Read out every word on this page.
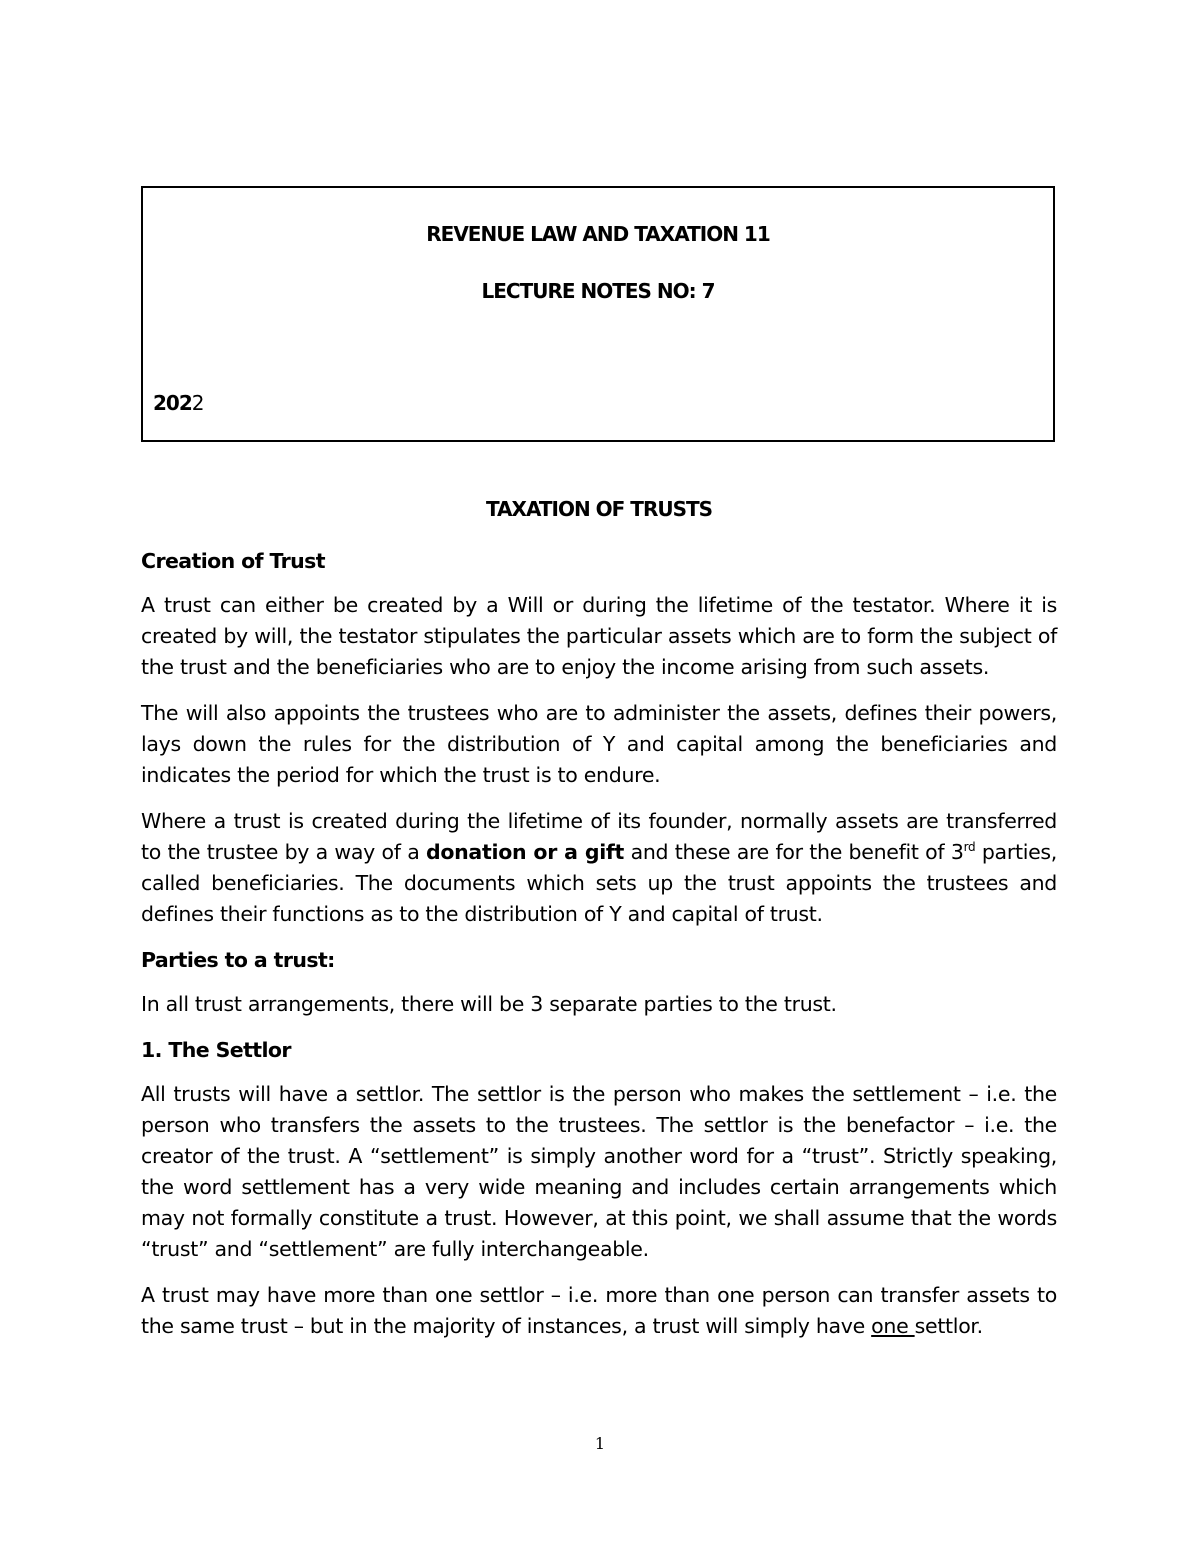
REVENUE LAW AND TAXATION 11
LECTURE NOTES NO: 7
2022
TAXATION OF TRUSTS
Creation of Trust

A trust can either be created by a Will or during the lifetime of the testator. Where it is created by will, the testator stipulates the particular assets which are to form the subject of the trust and the beneficiaries who are to enjoy the income arising from such assets.

The will also appoints the trustees who are to administer the assets, defines their powers, lays down the rules for the distribution of Y and capital among the beneficiaries and indicates the period for which the trust is to endure.

Where a trust is created during the lifetime of its founder, normally assets are transferred to the trustee by a way of a donation or a gift and these are for the benefit of 3rd parties, called beneficiaries. The documents which sets up the trust appoints the trustees and defines their functions as to the distribution of Y and capital of trust.

Parties to a trust:

In all trust arrangements, there will be 3 separate parties to the trust.

1. The Settlor

All trusts will have a settlor. The settlor is the person who makes the settlement – i.e. the person who transfers the assets to the trustees. The settlor is the benefactor – i.e. the creator of the trust. A “settlement” is simply another word for a “trust”. Strictly speaking, the word settlement has a very wide meaning and includes certain arrangements which may not formally constitute a trust. However, at this point, we shall assume that the words “trust” and “settlement” are fully interchangeable.

A trust may have more than one settlor – i.e. more than one person can transfer assets to the same trust – but in the majority of instances, a trust will simply have one settlor.

1
